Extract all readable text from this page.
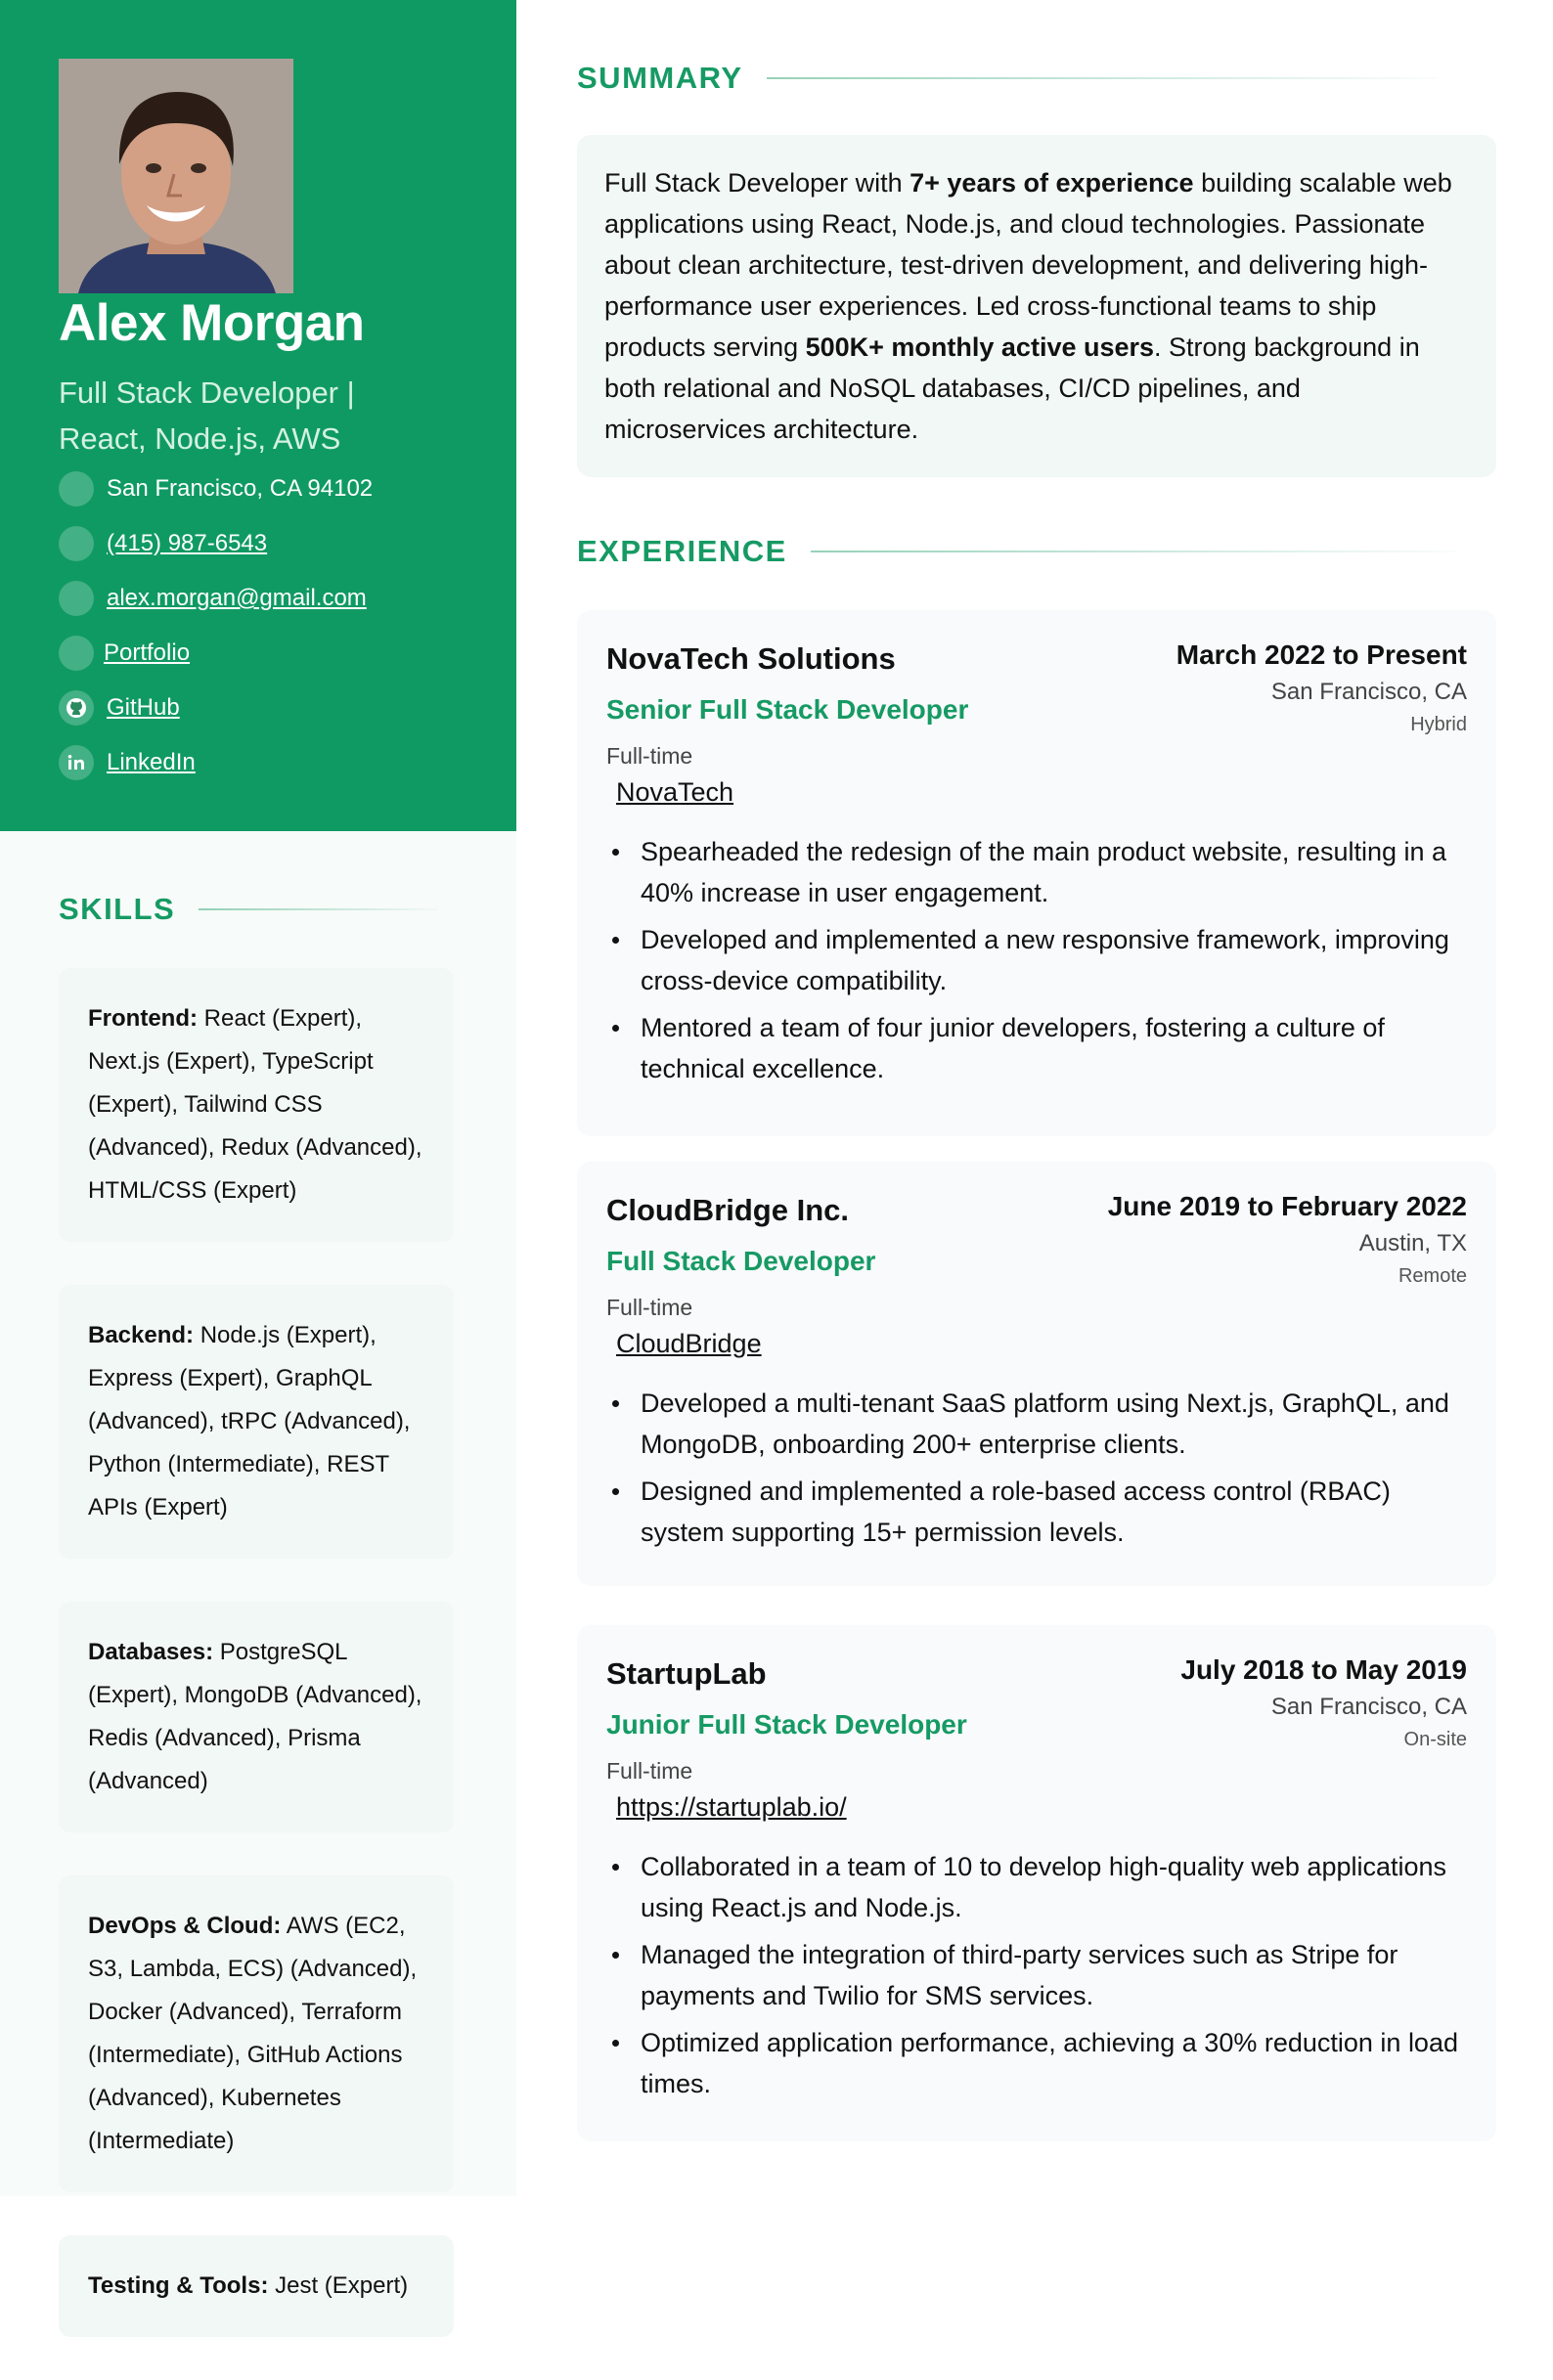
Alex Morgan
Full Stack Developer |
React, Node.js, AWS
San Francisco, CA 94102
(415) 987-6543
alex.morgan@gmail.com
Portfolio
GitHub
LinkedIn
SKILLS
Frontend: React (Expert), Next.js (Expert), TypeScript (Expert), Tailwind CSS (Advanced), Redux (Advanced), HTML/CSS (Expert)
Backend: Node.js (Expert), Express (Expert), GraphQL (Advanced), tRPC (Advanced), Python (Intermediate), REST APIs (Expert)
Databases: PostgreSQL (Expert), MongoDB (Advanced), Redis (Advanced), Prisma (Advanced)
DevOps & Cloud: AWS (EC2, S3, Lambda, ECS) (Advanced), Docker (Advanced), Terraform (Intermediate), GitHub Actions (Advanced), Kubernetes (Intermediate)
Testing & Tools: Jest (Expert)
SUMMARY
Full Stack Developer with 7+ years of experience building scalable web applications using React, Node.js, and cloud technologies. Passionate about clean architecture, test-driven development, and delivering high-performance user experiences. Led cross-functional teams to ship products serving 500K+ monthly active users. Strong background in both relational and NoSQL databases, CI/CD pipelines, and microservices architecture.
EXPERIENCE
NovaTech Solutions
Senior Full Stack Developer
Full-time
NovaTech
March 2022 to Present
San Francisco, CA
Hybrid
Spearheaded the redesign of the main product website, resulting in a 40% increase in user engagement.
Developed and implemented a new responsive framework, improving cross-device compatibility.
Mentored a team of four junior developers, fostering a culture of technical excellence.
CloudBridge Inc.
Full Stack Developer
Full-time
CloudBridge
June 2019 to February 2022
Austin, TX
Remote
Developed a multi-tenant SaaS platform using Next.js, GraphQL, and MongoDB, onboarding 200+ enterprise clients.
Designed and implemented a role-based access control (RBAC) system supporting 15+ permission levels.
StartupLab
Junior Full Stack Developer
Full-time
https://startuplab.io/
July 2018 to May 2019
San Francisco, CA
On-site
Collaborated in a team of 10 to develop high-quality web applications using React.js and Node.js.
Managed the integration of third-party services such as Stripe for payments and Twilio for SMS services.
Optimized application performance, achieving a 30% reduction in load times.
